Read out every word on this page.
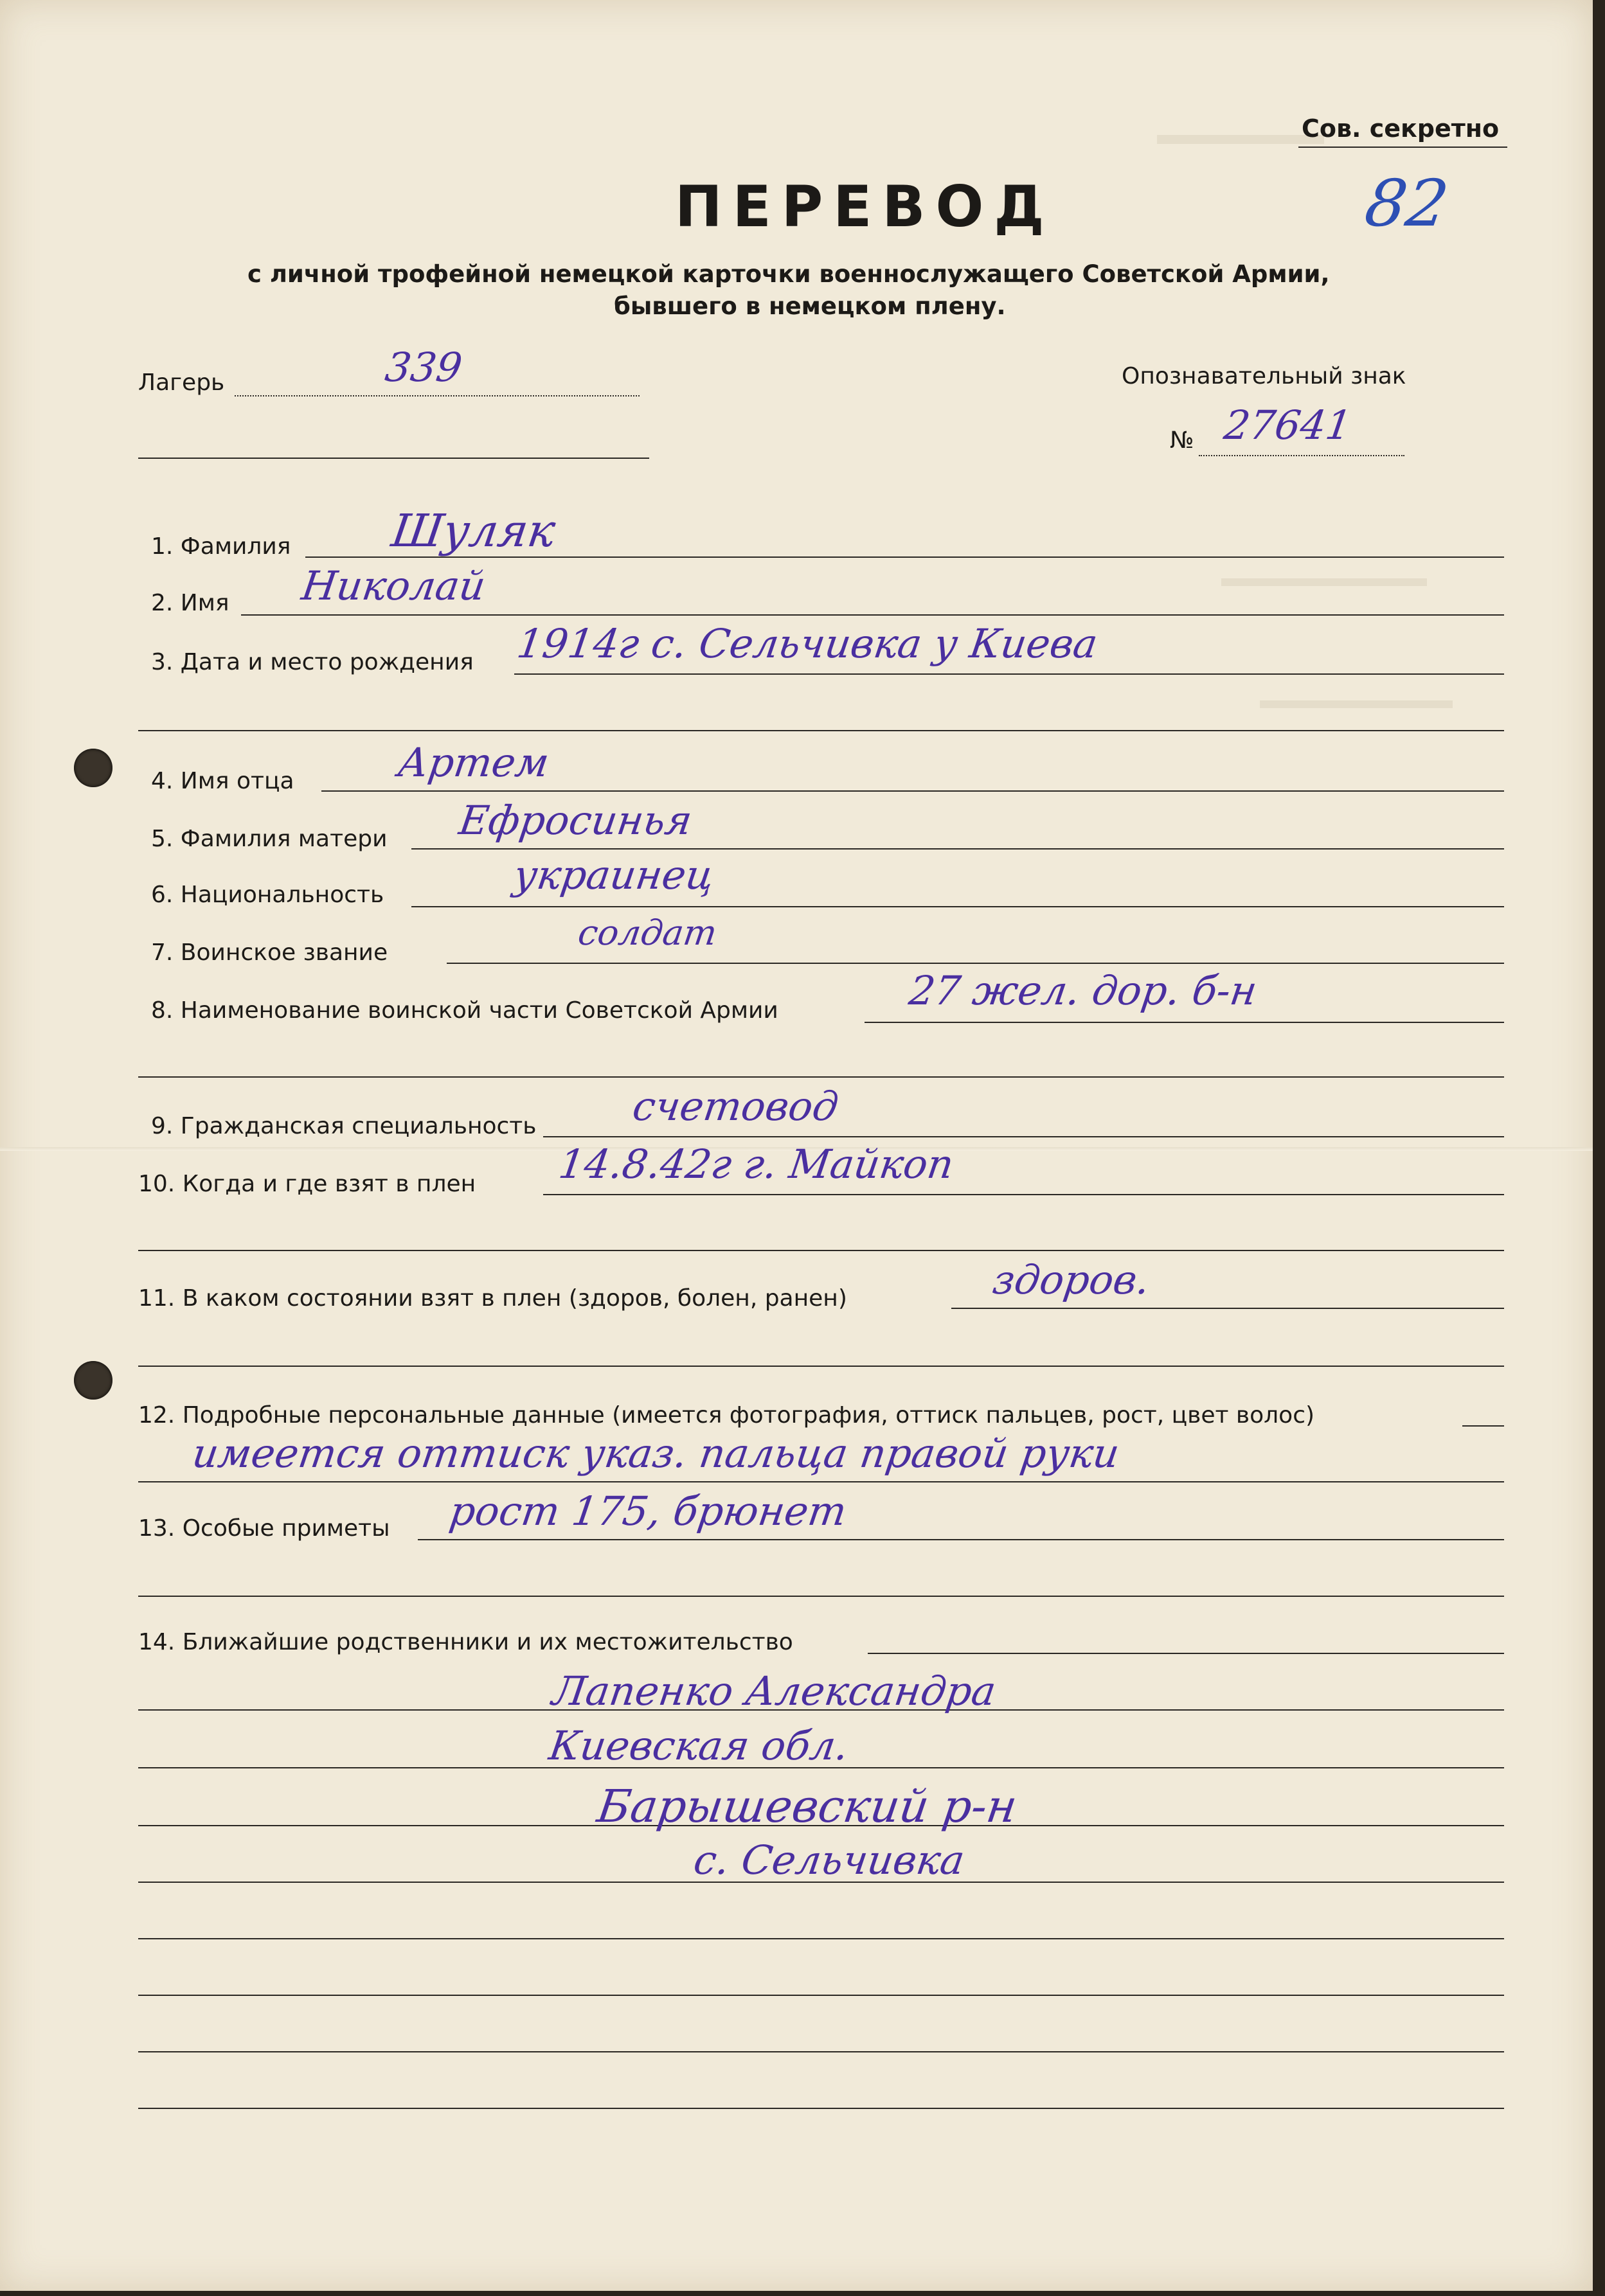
Сов. секретно
82
ПЕРЕВОД
с личной трофейной немецкой карточки военнослужащего Советской Армии,
бывшего в немецком плену.
Лагерь	339	Опознавательный знак
№ 27641
1. Фамилия Шуляк
2. Имя Николай
3. Дата и место рождения 1914г с. Сельчивка у Киева
4. Имя отца	Артем
5. Фамилия матери Ефросинья
6. Национальность	украинец
7. Воинское звание	солдат
8. Наименование воинской части Советской Армии	27 жел. дор. б-н
9. Гражданская специальность счетовод
10. Когда и где взят в плен 14.8.42г г. Майкоп
11. В каком состоянии взят в плен (здоров, болен, ранен)	здоров.
12. Подробные персональные данные (имеется фотография, оттиск пальцев, рост, цвет волос)
имеется оттиск указ. пальца правой руки
13. Особые приметы рост 175, брюнет
14. Ближайшие родственники и их местожительство
Лапенко Александра
Киевская обл.
Барышевский р-н
с. Сельчивка
